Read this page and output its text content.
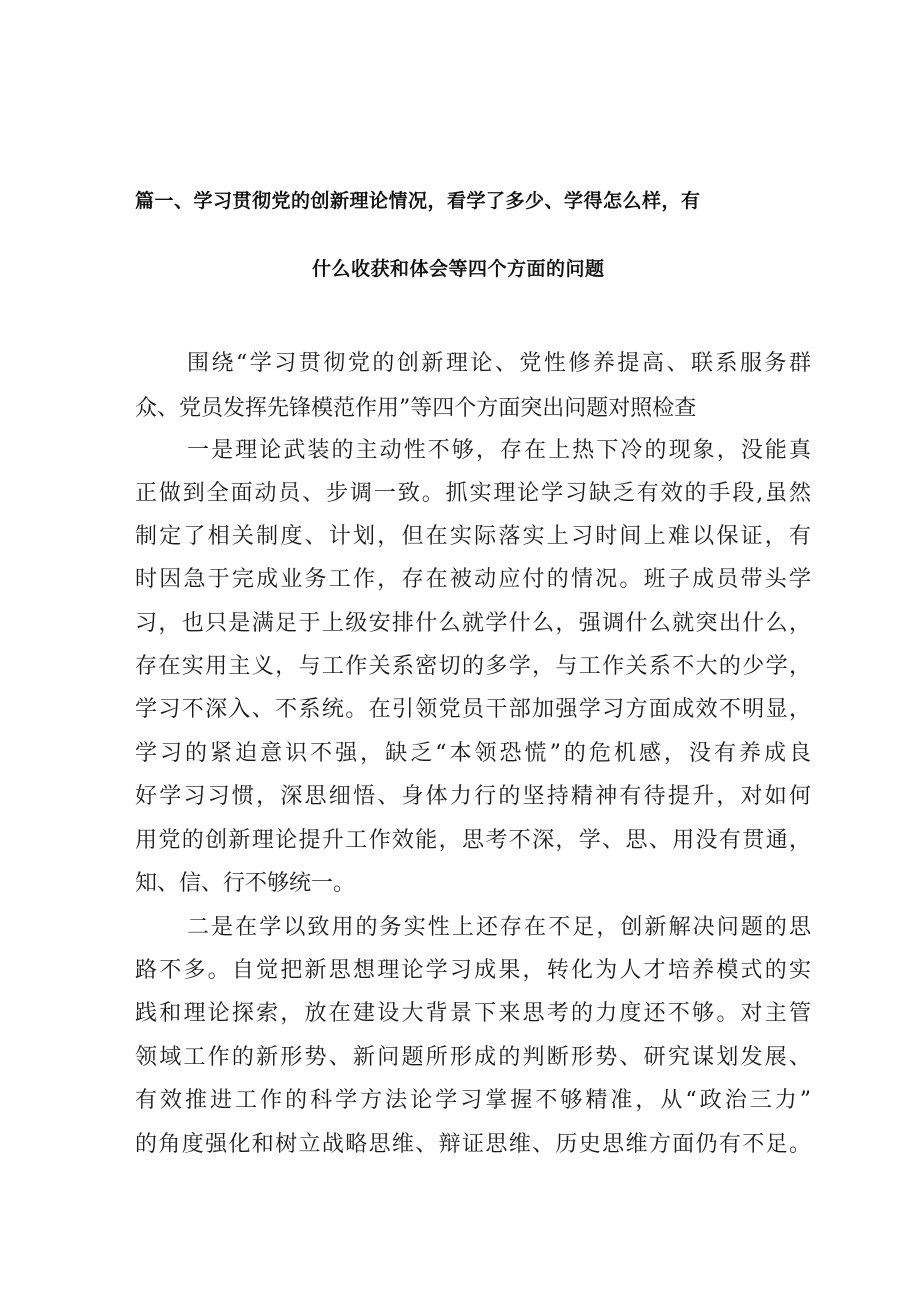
篇一、学习贯彻党的创新理论情况，看学了多少、学得怎么样，有
什么收获和体会等四个方面的问题
围绕“学习贯彻党的创新理论、党性修养提高、联系服务群
众、党员发挥先锋模范作用”等四个方面突出问题对照检查
一是理论武装的主动性不够，存在上热下冷的现象，没能真
正做到全面动员、步调一致。抓实理论学习缺乏有效的手段,虽然
制定了相关制度、计划，但在实际落实上习时间上难以保证，有
时因急于完成业务工作，存在被动应付的情况。班子成员带头学
习，也只是满足于上级安排什么就学什么，强调什么就突出什么，
存在实用主义，与工作关系密切的多学，与工作关系不大的少学，
学习不深入、不系统。在引领党员干部加强学习方面成效不明显，
学习的紧迫意识不强，缺乏“本领恐慌”的危机感，没有养成良
好学习习惯，深思细悟、身体力行的坚持精神有待提升，对如何
用党的创新理论提升工作效能，思考不深，学、思、用没有贯通，
知、信、行不够统一。
二是在学以致用的务实性上还存在不足，创新解决问题的思
路不多。自觉把新思想理论学习成果，转化为人才培养模式的实
践和理论探索，放在建设大背景下来思考的力度还不够。对主管
领域工作的新形势、新问题所形成的判断形势、研究谋划发展、
有效推进工作的科学方法论学习掌握不够精准，从“政治三力”
的角度强化和树立战略思维、辩证思维、历史思维方面仍有不足。
